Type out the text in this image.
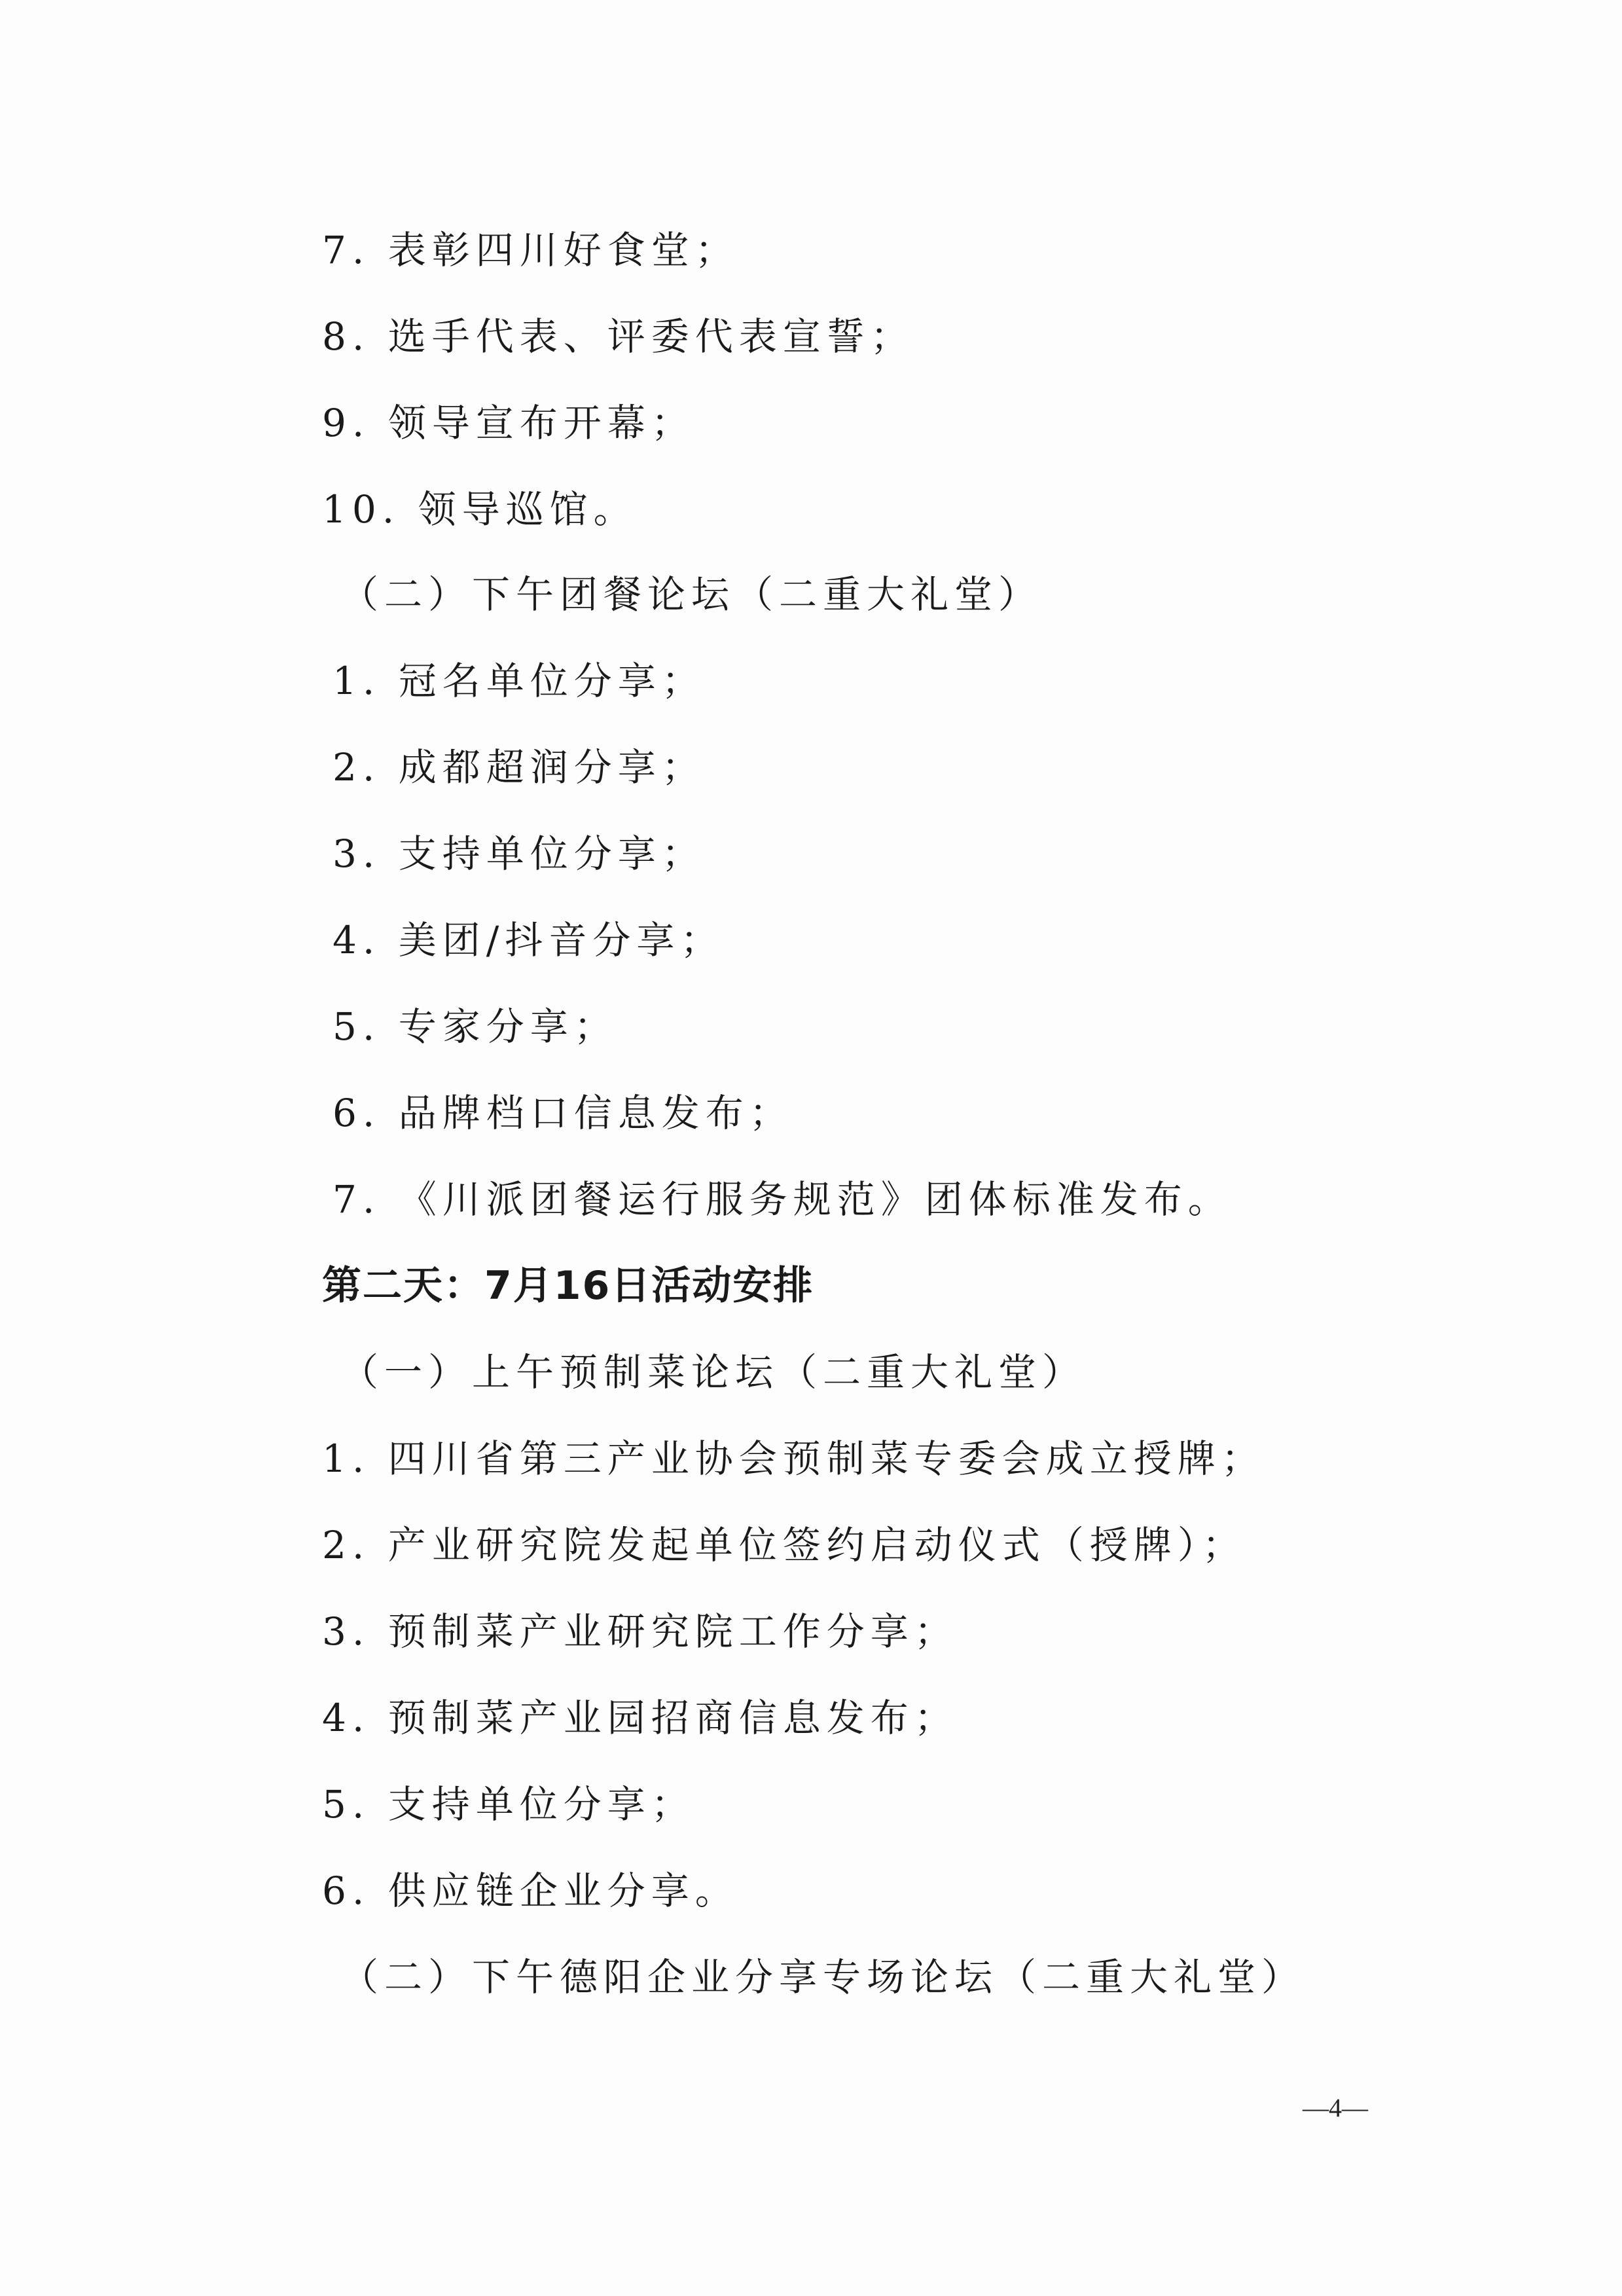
7. 表彰四川好食堂；
8. 选手代表、评委代表宣誓；
9. 领导宣布开幕；
10. 领导巡馆。
（二）下午团餐论坛（二重大礼堂）
1. 冠名单位分享；
2. 成都超润分享；
3. 支持单位分享；
4. 美团/抖音分享；
5. 专家分享；
6. 品牌档口信息发布；
7. 《川派团餐运行服务规范》团体标准发布。
第二天：7月16日活动安排
（一）上午预制菜论坛（二重大礼堂）
1. 四川省第三产业协会预制菜专委会成立授牌；
2. 产业研究院发起单位签约启动仪式（授牌）；
3. 预制菜产业研究院工作分享；
4. 预制菜产业园招商信息发布；
5. 支持单位分享；
6. 供应链企业分享。
（二）下午德阳企业分享专场论坛（二重大礼堂）
—4—
